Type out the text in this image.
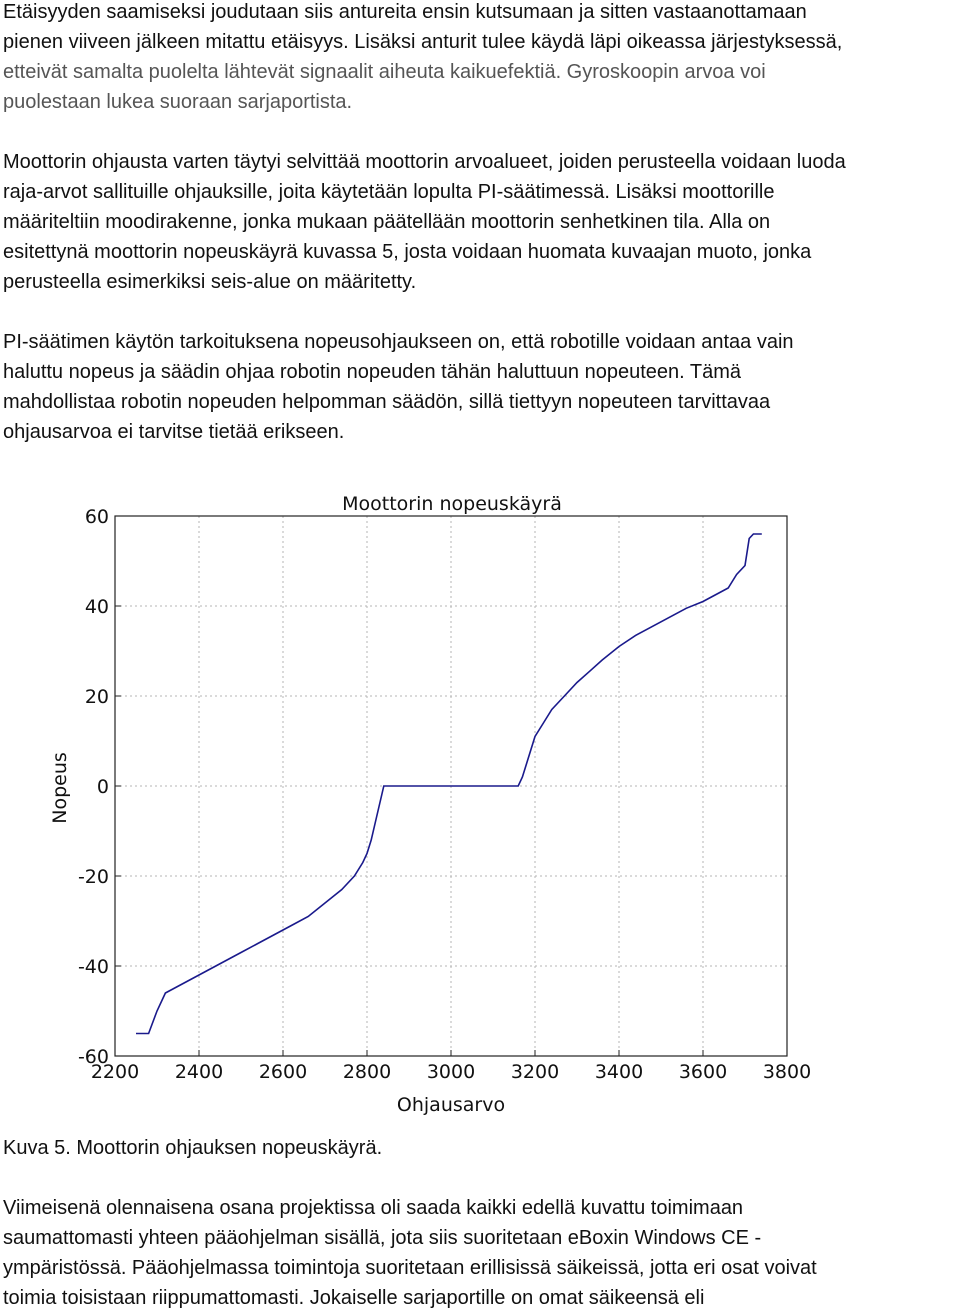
Etäisyyden saamiseksi joudutaan siis antureita ensin kutsumaan ja sitten vastaanottamaan
pienen viiveen jälkeen mitattu etäisyys. Lisäksi anturit tulee käydä läpi oikeassa järjestyksessä,
etteivät samalta puolelta lähtevät signaalit aiheuta kaikuefektiä. Gyroskoopin arvoa voi
puolestaan lukea suoraan sarjaportista.
Moottorin ohjausta varten täytyi selvittää moottorin arvoalueet, joiden perusteella voidaan luoda
raja-arvot sallituille ohjauksille, joita käytetään lopulta PI-säätimessä. Lisäksi moottorille
määriteltiin moodirakenne, jonka mukaan päätellään moottorin senhetkinen tila. Alla on
esitettynä moottorin nopeuskäyrä kuvassa 5, josta voidaan huomata kuvaajan muoto, jonka
perusteella esimerkiksi seis-alue on määritetty.
PI-säätimen käytön tarkoituksena nopeusohjaukseen on, että robotille voidaan antaa vain
haluttu nopeus ja säädin ohjaa robotin nopeuden tähän haluttuun nopeuteen. Tämä
mahdollistaa robotin nopeuden helpomman säädön, sillä tiettyyn nopeuteen tarvittavaa
ohjausarvoa ei tarvitse tietää erikseen.
Moottorin nopeuskäyrä
2200 2400 2600 2800 3000 3200 3400 3600 3800
-60
-40
-20
0
20
40
60
Ohjausarvo
Nopeus
Kuva 5. Moottorin ohjauksen nopeuskäyrä.
Viimeisenä olennaisena osana projektissa oli saada kaikki edellä kuvattu toimimaan
saumattomasti yhteen pääohjelman sisällä, jota siis suoritetaan eBoxin Windows CE -
ympäristössä. Pääohjelmassa toimintoja suoritetaan erillisissä säikeissä, jotta eri osat voivat
toimia toisistaan riippumattomasti. Jokaiselle sarjaportille on omat säikeensä eli
